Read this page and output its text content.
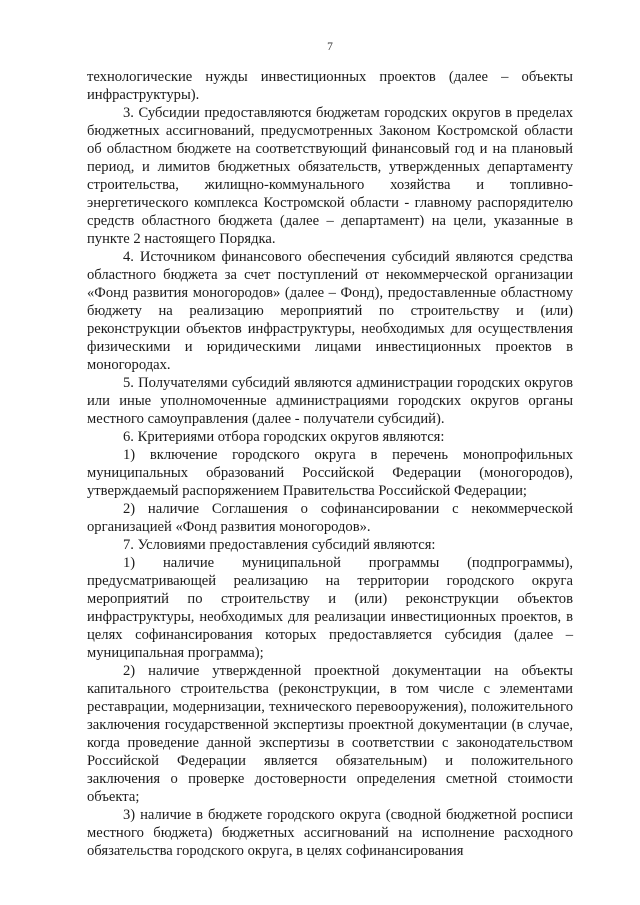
7

технологические нужды инвестиционных проектов (далее – объекты инфраструктуры).

3. Субсидии предоставляются бюджетам городских округов в пределах бюджетных ассигнований, предусмотренных Законом Костромской области об областном бюджете на соответствующий финансовый год и на плановый период, и лимитов бюджетных обязательств, утвержденных департаменту строительства, жилищно-коммунального хозяйства и топливно-энергетического комплекса Костромской области - главному распорядителю средств областного бюджета (далее – департамент) на цели, указанные в пункте 2 настоящего Порядка.

4. Источником финансового обеспечения субсидий являются средства областного бюджета за счет поступлений от некоммерческой организации «Фонд развития моногородов» (далее – Фонд), предоставленные областному бюджету на реализацию мероприятий по строительству и (или) реконструкции объектов инфраструктуры, необходимых для осуществления физическими и юридическими лицами инвестиционных проектов в моногородах.

5. Получателями субсидий являются администрации городских округов или иные уполномоченные администрациями городских округов органы местного самоуправления (далее - получатели субсидий).

6. Критериями отбора городских округов являются:

1) включение городского округа в перечень монопрофильных муниципальных образований Российской Федерации (моногородов), утверждаемый распоряжением Правительства Российской Федерации;

2) наличие Соглашения о софинансировании с некоммерческой организацией «Фонд развития моногородов».

7. Условиями предоставления субсидий являются:

1) наличие муниципальной программы (подпрограммы), предусматривающей реализацию на территории городского округа мероприятий по строительству и (или) реконструкции объектов инфраструктуры, необходимых для реализации инвестиционных проектов, в целях софинансирования которых предоставляется субсидия (далее – муниципальная программа);

2) наличие утвержденной проектной документации на объекты капитального строительства (реконструкции, в том числе с элементами реставрации, модернизации, технического перевооружения), положительного заключения государственной экспертизы проектной документации (в случае, когда проведение данной экспертизы в соответствии с законодательством Российской Федерации является обязательным) и положительного заключения о проверке достоверности определения сметной стоимости объекта;

3) наличие в бюджете городского округа (сводной бюджетной росписи местного бюджета) бюджетных ассигнований на исполнение расходного обязательства городского округа, в целях софинансирования
